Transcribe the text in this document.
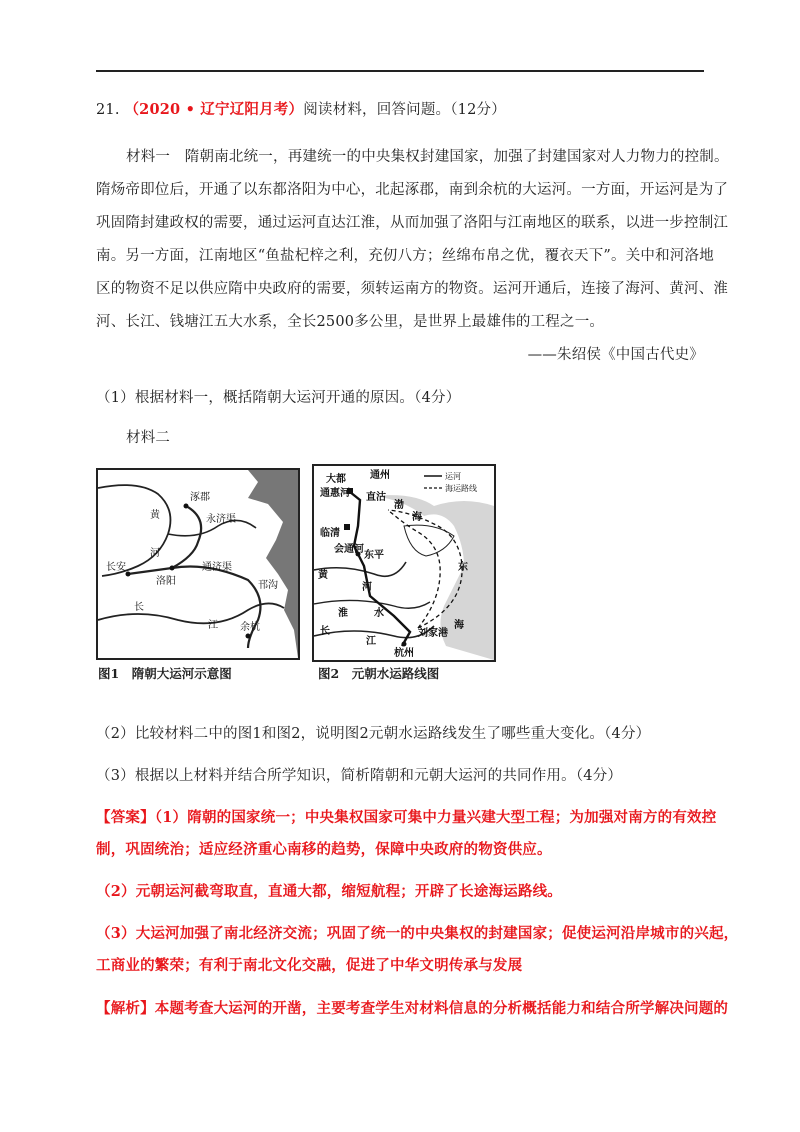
21. （2020 • 辽宁辽阳月考）阅读材料，回答问题。（12分）
材料一　隋朝南北统一，再建统一的中央集权封建国家，加强了封建国家对人力物力的控制。
隋炀帝即位后，开通了以东都洛阳为中心，北起涿郡，南到余杭的大运河。一方面，开运河是为了
巩固隋封建政权的需要，通过运河直达江淮，从而加强了洛阳与江南地区的联系，以进一步控制江
南。另一方面，江南地区“鱼盐杞梓之利，充仞八方；丝绵布帛之优，覆衣天下”。关中和河洛地
区的物资不足以供应隋中央政府的需要，须转运南方的物资。运河开通后，连接了海河、黄河、淮
河、长江、钱塘江五大水系，全长2500多公里，是世界上最雄伟的工程之一。
——朱绍侯《中国古代史》
（1）根据材料一，概括隋朝大运河开通的原因。（4分）
材料二
涿郡
永济渠
黄
河
长安
洛阳
通济渠
邗沟
长
江 余杭
图1　隋朝大运河示意图
运河
海运路线
大都
通惠河
通州
直沽
渤
海
临清
会通河
东平
东
黄
河
淮	水
长
江
刘家港
杭州
海
图2　元朝水运路线图
（2）比较材料二中的图1和图2，说明图2元朝水运路线发生了哪些重大变化。（4分）
（3）根据以上材料并结合所学知识，简析隋朝和元朝大运河的共同作用。（4分）
【答案】（1）隋朝的国家统一；中央集权国家可集中力量兴建大型工程；为加强对南方的有效控
制，巩固统治；适应经济重心南移的趋势，保障中央政府的物资供应。
（2）元朝运河截弯取直，直通大都，缩短航程；开辟了长途海运路线。
（3）大运河加强了南北经济交流；巩固了统一的中央集权的封建国家；促使运河沿岸城市的兴起，
工商业的繁荣；有利于南北文化交融，促进了中华文明传承与发展
【解析】本题考查大运河的开凿，主要考查学生对材料信息的分析概括能力和结合所学解决问题的
